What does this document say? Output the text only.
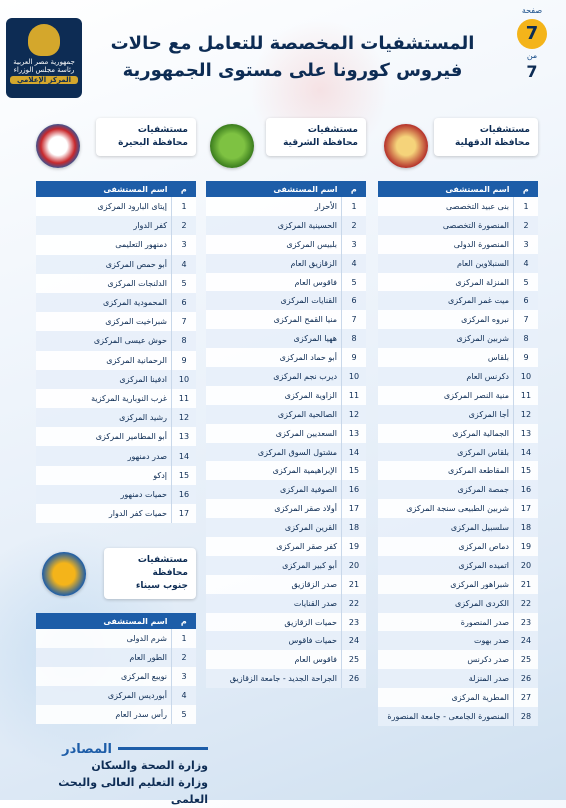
المستشفيات المخصصة للتعامل مع حالات
فيروس كورونا على مستوى الجمهورية
صفحة
7
من
7
جمهورية مصر العربية
رئاسة مجلس الوزراء
المركز الإعلامي
مستشفيات
محافظة الدقهلية
مستشفيات
محافظة الشرقية
مستشفيات
محافظة البحيرة
مستشفيات محافظة
جنوب سيناء
م	اسم المستشفى
1	بنى عبيد التخصصى
2	المنصورة التخصصى
3	المنصورة الدولى
4	السنبلاوين العام
5	المنزلة المركزى
6	ميت غمر المركزى
7	نبروه المركزى
8	شربين المركزى
9	بلقاس
10	دكرنس العام
11	منية النصر المركزى
12	أجا المركزى
13	الجمالية المركزى
14	بلقاس المركزى
15	المقاطعة المركزى
16	جمصة المركزى
17	شربين الطبيعى سنجة المركزى
18	سلسبيل المركزى
19	دماص المركزى
20	اتميده المركزى
21	شبراهور المركزى
22	الكردى المركزى
23	صدر المنصورة
24	صدر بهوت
25	صدر دكرنس
26	صدر المنزلة
27	المطرية المركزى
28	المنصورة الجامعى - جامعة المنصورة
م	اسم المستشفى
1	الأحرار
2	الحسينية المركزى
3	بلبيس المركزى
4	الزقازيق العام
5	فاقوس العام
6	القنايات المركزى
7	منيا القمح المركزى
8	ههيا المركزى
9	أبو حماد المركزى
10	ديرب نجم المركزى
11	الزاوية المركزى
12	الصالحية المركزى
13	السعديين المركزى
14	مشتول السوق المركزى
15	الإبراهيمية المركزى
16	الصوفية المركزى
17	أولاد صقر المركزى
18	القرين المركزى
19	كفر صقر المركزى
20	أبو كبير المركزى
21	صدر الزقازيق
22	صدر القنايات
23	حميات الزقازيق
24	حميات فاقوس
25	فاقوس العام
26	الجراحة الجديد - جامعة الزقازيق
م	اسم المستشفى
1	إيتاى البارود المركزى
2	كفر الدوار
3	دمنهور التعليمى
4	أبو حمص المركزى
5	الدلنجات المركزى
6	المحمودية المركزى
7	شبراخيت المركزى
8	حوش عيسى المركزى
9	الرحمانية المركزى
10	ادفينا المركزى
11	غرب النوبارية المركزية
12	رشيد المركزى
13	أبو المطامير المركزى
14	صدر دمنهور
15	إدكو
16	حميات دمنهور
17	حميات كفر الدوار
م	اسم المستشفى
1	شرم الدولى
2	الطور العام
3	نويبع المركزى
4	أبورديس المركزى
5	رأس سدر العام
المصادر
وزارة الصحة والسكان
وزارة التعليم العالى والبحث العلمى
